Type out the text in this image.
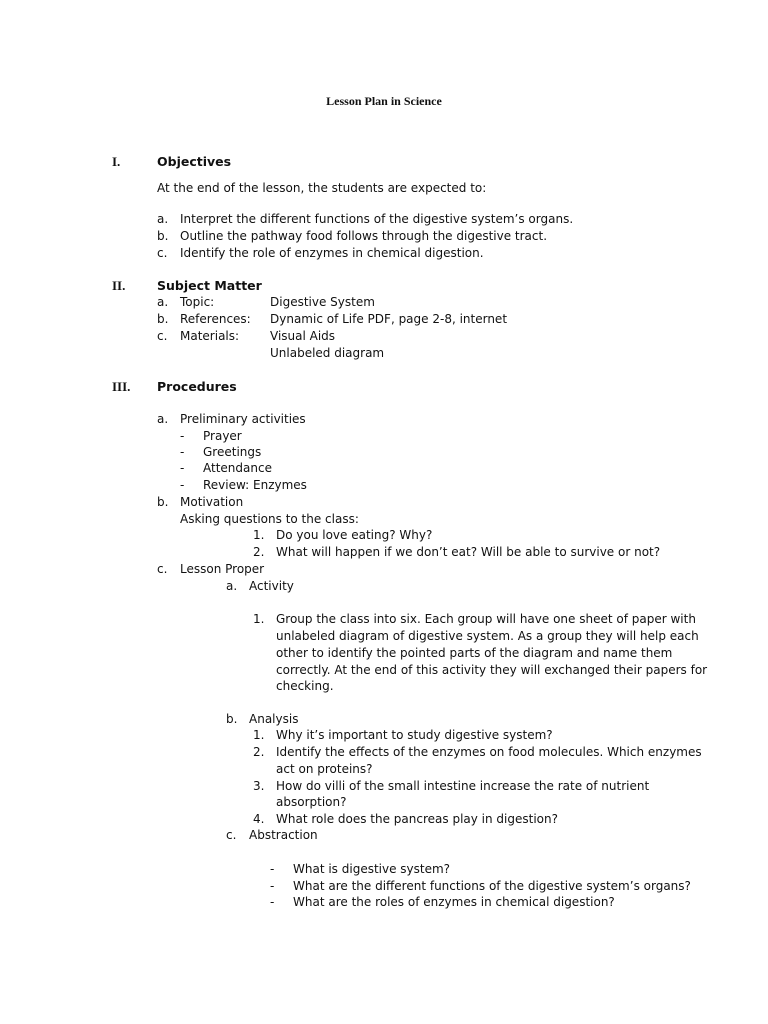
Lesson Plan in Science
I.	Objectives
At the end of the lesson, the students are expected to:
a. Interpret the different functions of the digestive system’s organs.
b. Outline the pathway food follows through the digestive tract.
c. Identify the role of enzymes in chemical digestion.
II.	Subject Matter
a. Topic:	Digestive System
b. References: Dynamic of Life PDF, page 2-8, internet
c. Materials:	Visual Aids
Unlabeled diagram
III. Procedures
a. Preliminary activities
- Prayer
- Greetings
- Attendance
- Review: Enzymes
b. Motivation
Asking questions to the class:
1. Do you love eating? Why?
2. What will happen if we don’t eat? Will be able to survive or not?
c. Lesson Proper
a. Activity
1. Group the class into six. Each group will have one sheet of paper with
unlabeled diagram of digestive system. As a group they will help each
other to identify the pointed parts of the diagram and name them
correctly. At the end of this activity they will exchanged their papers for
checking.
b. Analysis
1. Why it’s important to study digestive system?
2. Identify the effects of the enzymes on food molecules. Which enzymes
act on proteins?
3. How do villi of the small intestine increase the rate of nutrient
absorption?
4. What role does the pancreas play in digestion?
c. Abstraction
- What is digestive system?
- What are the different functions of the digestive system’s organs?
- What are the roles of enzymes in chemical digestion?
